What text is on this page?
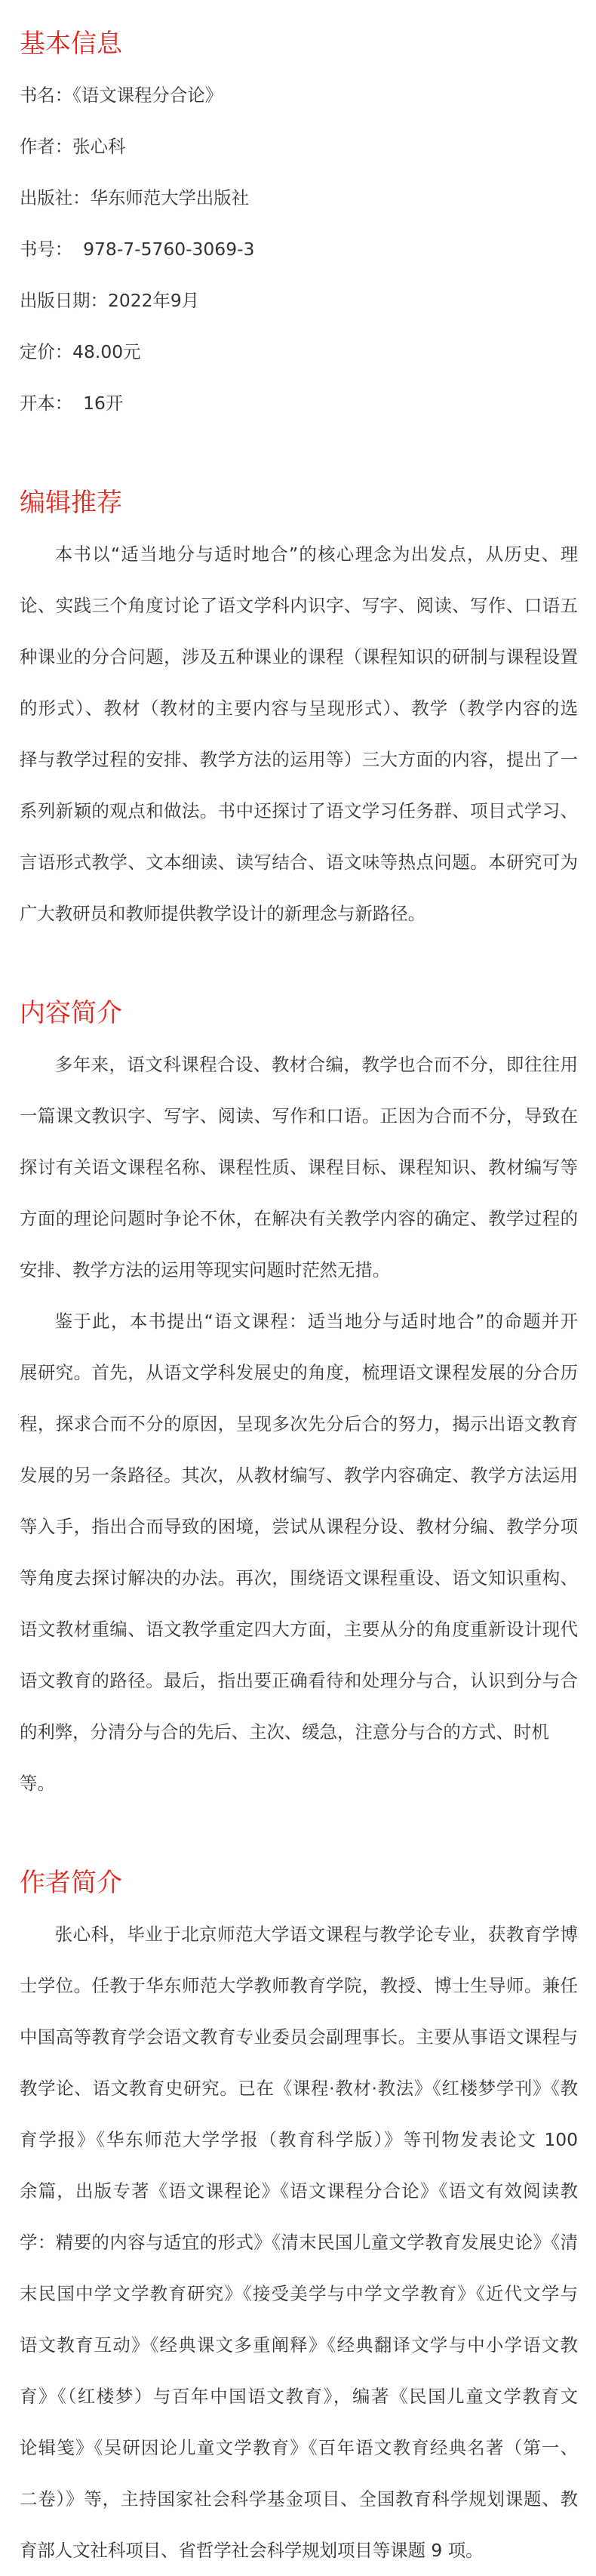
基本信息
书名：《语文课程分合论》
作者：张心科
出版社：华东师范大学出版社
书号： 978-7-5760-3069-3
出版日期：2022年9月
定价：48.00元
开本： 16开
编辑推荐
本书以“适当地分与适时地合”的核心理念为出发点，从历史、理
论、实践三个角度讨论了语文学科内识字、写字、阅读、写作、口语五
种课业的分合问题，涉及五种课业的课程（课程知识的研制与课程设置
的形式）、教材（教材的主要内容与呈现形式）、教学（教学内容的选
择与教学过程的安排、教学方法的运用等）三大方面的内容，提出了一
系列新颖的观点和做法。书中还探讨了语文学习任务群、项目式学习、
言语形式教学、文本细读、读写结合、语文味等热点问题。本研究可为
广大教研员和教师提供教学设计的新理念与新路径。
内容简介
多年来，语文科课程合设、教材合编，教学也合而不分，即往往用
一篇课文教识字、写字、阅读、写作和口语。正因为合而不分，导致在
探讨有关语文课程名称、课程性质、课程目标、课程知识、教材编写等
方面的理论问题时争论不休，在解决有关教学内容的确定、教学过程的
安排、教学方法的运用等现实问题时茫然无措。
鉴于此，本书提出“语文课程：适当地分与适时地合”的命题并开
展研究。首先，从语文学科发展史的角度，梳理语文课程发展的分合历
程，探求合而不分的原因，呈现多次先分后合的努力，揭示出语文教育
发展的另一条路径。其次，从教材编写、教学内容确定、教学方法运用
等入手，指出合而导致的困境，尝试从课程分设、教材分编、教学分项
等角度去探讨解决的办法。再次，围绕语文课程重设、语文知识重构、
语文教材重编、语文教学重定四大方面，主要从分的角度重新设计现代
语文教育的路径。最后，指出要正确看待和处理分与合，认识到分与合
的利弊，分清分与合的先后、主次、缓急，注意分与合的方式、时机等。
作者简介
张心科，毕业于北京师范大学语文课程与教学论专业，获教育学博
士学位。任教于华东师范大学教师教育学院，教授、博士生导师。兼任
中国高等教育学会语文教育专业委员会副理事长。主要从事语文课程与
教学论、语文教育史研究。已在《课程·教材·教法》《红楼梦学刊》《教
育学报》《华东师范大学学报（教育科学版）》等刊物发表论文 100
余篇，出版专著《语文课程论》《语文课程分合论》《语文有效阅读教
学：精要的内容与适宜的形式》《清末民国儿童文学教育发展史论》《清
末民国中学文学教育研究》《接受美学与中学文学教育》《近代文学与
语文教育互动》《经典课文多重阐释》《经典翻译文学与中小学语文教
育》《（红楼梦）与百年中国语文教育》，编著《民国儿童文学教育文
论辑笺》《吴研因论儿童文学教育》《百年语文教育经典名著（第一、
二卷）》等，主持国家社会科学基金项目、全国教育科学规划课题、教
育部人文社科项目、省哲学社会科学规划项目等课题 9 项。
